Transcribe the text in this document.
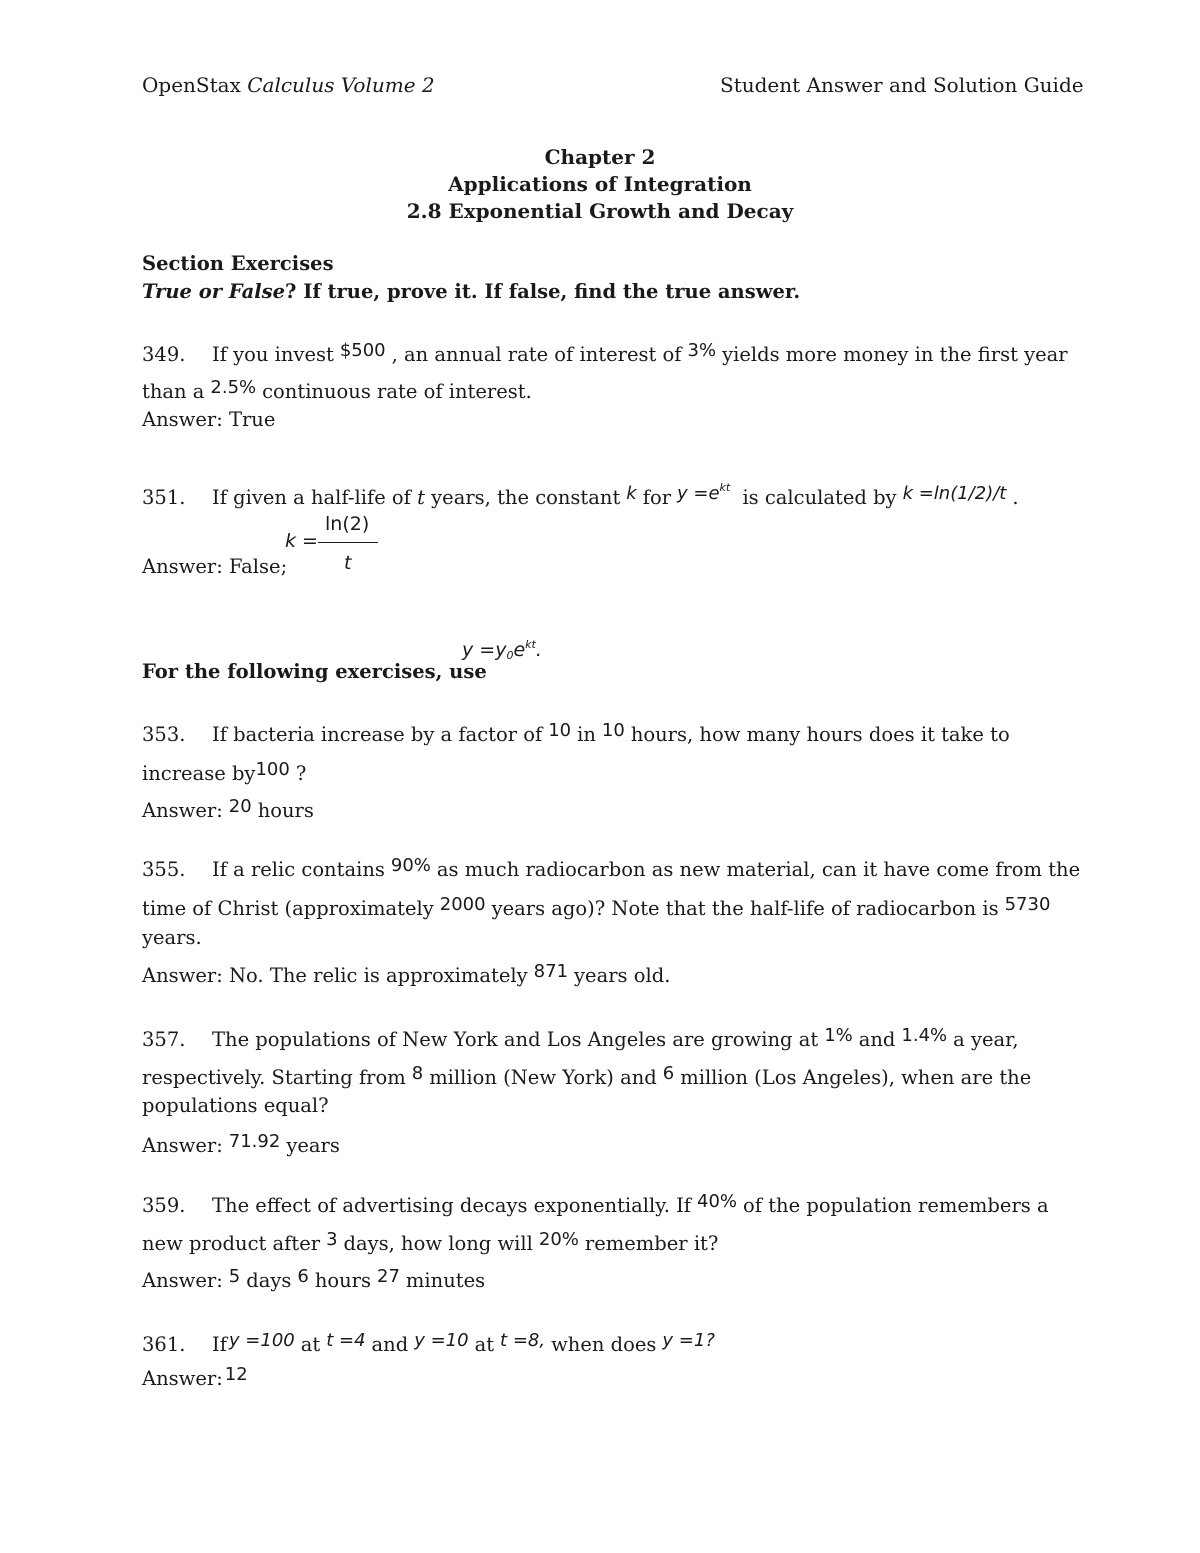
OpenStax Calculus Volume 2	Student Answer and Solution Guide
Chapter 2
Applications of Integration
2.8 Exponential Growth and Decay
Section Exercises
True or False? If true, prove it. If false, find the true answer.
349. If you invest $500 , an annual rate of interest of 3% yields more money in the first year
than a 2.5% continuous rate of interest.
Answer: True
351. If given a half-life of t years, the constant k for $y =e^{kt}$ is calculated by k =ln(1/2)/t .
Answer: False;
k =
ln(2)
t
$y =y_0e^{kt}$.
For the following exercises, use
353. If bacteria increase by a factor of 10 in 10 hours, how many hours does it take to
increase by100 ?
Answer: 20 hours
355. If a relic contains 90% as much radiocarbon as new material, can it have come from the
time of Christ (approximately 2000 years ago)? Note that the half-life of radiocarbon is 5730
years.
Answer: No. The relic is approximately 871 years old.
357. The populations of New York and Los Angeles are growing at 1% and 1.4% a year,
respectively. Starting from 8 million (New York) and 6 million (Los Angeles), when are the
populations equal?
Answer: 71.92 years
359. The effect of advertising decays exponentially. If 40% of the population remembers a
new product after 3 days, how long will 20% remember it?
Answer: 5 days 6 hours 27 minutes
361. If y =100 at t =4 and y =10 at t =8, when does y =1?
Answer: 12
